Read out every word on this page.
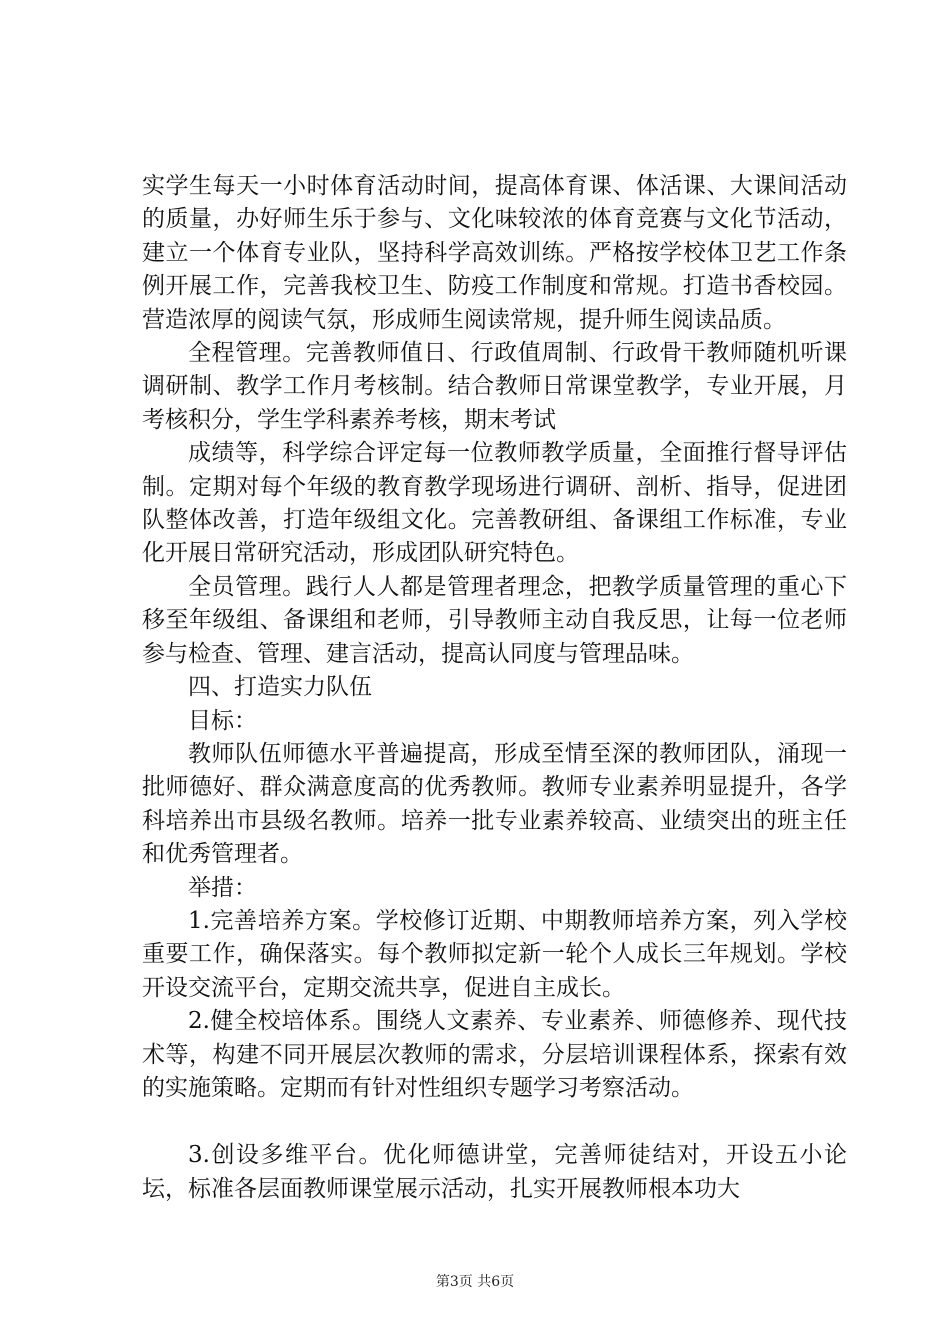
实学生每天一小时体育活动时间，提高体育课、体活课、大课间活动的质量，办好师生乐于参与、文化味较浓的体育竞赛与文化节活动，建立一个体育专业队，坚持科学高效训练。严格按学校体卫艺工作条例开展工作，完善我校卫生、防疫工作制度和常规。打造书香校园。营造浓厚的阅读气氛，形成师生阅读常规，提升师生阅读品质。

全程管理。完善教师值日、行政值周制、行政骨干教师随机听课调研制、教学工作月考核制。结合教师日常课堂教学，专业开展，月考核积分，学生学科素养考核，期末考试

成绩等，科学综合评定每一位教师教学质量，全面推行督导评估制。定期对每个年级的教育教学现场进行调研、剖析、指导，促进团队整体改善，打造年级组文化。完善教研组、备课组工作标准，专业化开展日常研究活动，形成团队研究特色。

全员管理。践行人人都是管理者理念，把教学质量管理的重心下移至年级组、备课组和老师，引导教师主动自我反思，让每一位老师参与检查、管理、建言活动，提高认同度与管理品味。

四、打造实力队伍

目标：

教师队伍师德水平普遍提高，形成至情至深的教师团队，涌现一批师德好、群众满意度高的优秀教师。教师专业素养明显提升，各学科培养出市县级名教师。培养一批专业素养较高、业绩突出的班主任和优秀管理者。

举措：

1.完善培养方案。学校修订近期、中期教师培养方案，列入学校重要工作，确保落实。每个教师拟定新一轮个人成长三年规划。学校开设交流平台，定期交流共享，促进自主成长。

2.健全校培体系。围绕人文素养、专业素养、师德修养、现代技术等，构建不同开展层次教师的需求，分层培训课程体系，探索有效的实施策略。定期而有针对性组织专题学习考察活动。

3.创设多维平台。优化师德讲堂，完善师徒结对，开设五小论坛，标准各层面教师课堂展示活动，扎实开展教师根本功大

第3页 共6页
